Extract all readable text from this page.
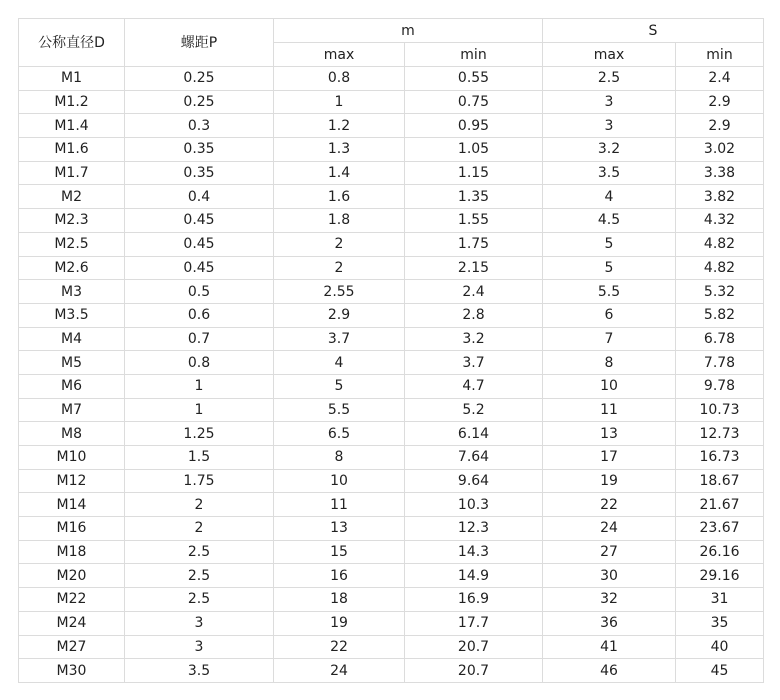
公称直径D	螺距P	m		S	
		max	min	max	min
M1	0.25	0.8	0.55	2.5	2.4
M1.2	0.25	1	0.75	3	2.9
M1.4	0.3	1.2	0.95	3	2.9
M1.6	0.35	1.3	1.05	3.2	3.02
M1.7	0.35	1.4	1.15	3.5	3.38
M2	0.4	1.6	1.35	4	3.82
M2.3	0.45	1.8	1.55	4.5	4.32
M2.5	0.45	2	1.75	5	4.82
M2.6	0.45	2	2.15	5	4.82
M3	0.5	2.55	2.4	5.5	5.32
M3.5	0.6	2.9	2.8	6	5.82
M4	0.7	3.7	3.2	7	6.78
M5	0.8	4	3.7	8	7.78
M6	1	5	4.7	10	9.78
M7	1	5.5	5.2	11	10.73
M8	1.25	6.5	6.14	13	12.73
M10	1.5	8	7.64	17	16.73
M12	1.75	10	9.64	19	18.67
M14	2	11	10.3	22	21.67
M16	2	13	12.3	24	23.67
M18	2.5	15	14.3	27	26.16
M20	2.5	16	14.9	30	29.16
M22	2.5	18	16.9	32	31
M24	3	19	17.7	36	35
M27	3	22	20.7	41	40
M30	3.5	24	20.7	46	45
